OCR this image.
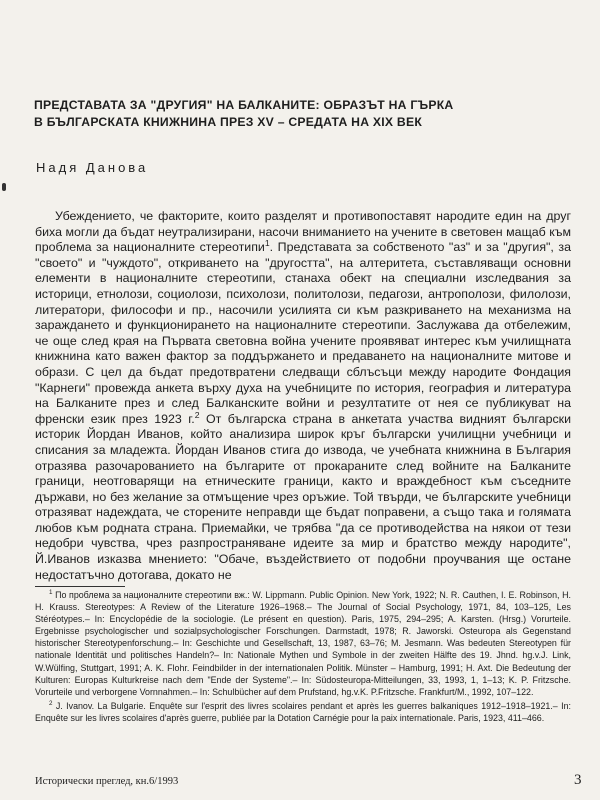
ПРЕДСТАВАТА ЗА "ДРУГИЯ" НА БАЛКАНИТЕ: ОБРАЗЪТ НА ГЪРКА
В БЪЛГАРСКАТА КНИЖНИНА ПРЕЗ XV – СРЕДАТА НА XIX ВЕК
Надя Данова

Убеждението, че факторите, които разделят и противопоставят народите един на друг биха могли да бъдат неутрализирани, насочи вниманието на учените в световен мащаб към проблема за националните стереотипи$^1$. Представата за собственото "аз" и за "другия", за "своето" и "чуждото", откриването на "другостта", на алтеритета, съставляващи основни елементи в националните стереотипи, станаха обект на специални изследвания за историци, етнолози, социолози, психолози, политолози, педагози, антрополози, филолози, литератори, философи и пр., насочили усилията си към разкриването на механизма на зараждането и функционирането на националните стереотипи. Заслужава да отбележим, че още след края на Първата световна война учените проявяват интерес към училищната книжнина като важен фактор за поддържането и предаването на националните митове и образи. С цел да бъдат предотвратени следващи сблъсъци между народите Фондация "Карнеги" провежда анкета върху духа на учебниците по история, география и литература на Балканите през и след Балканските войни и резултатите от нея се публикуват на френски език през 1923 г.$^2$ От българска страна в анкетата участва видният български историк Йордан Иванов, който анализира широк кръг български училищни учебници и списания за младежта. Йордан Иванов стига до извода, че учебната книжнина в България отразява разочарованието на българите от прокараните след войните на Балканите граници, неотговарящи на етническите граници, както и враждебност към съседните държави, но без желание за отмъщение чрез оръжие. Той твърди, че българските учебници отразяват надеждата, че сторените неправди ще бъдат поправени, а също така и голямата любов към родната страна. Приемайки, че трябва "да се противодействa на някои от тези недобри чувства, чрез разпространяване идеите за мир и братство между народите", Й.Иванов изказва мнението: "Обаче, въздействието от подобни проучвания ще остане недостатъчно дотогава, докато не

$^1$ По проблема за националните стереотипи вж.: W. Lippmann. Public Opinion. New York, 1922; N. R. Cauthen, I. E. Robinson, H. H. Krauss. Stereotypes: A Review of the Literature 1926–1968.– The Journal of Social Psychology, 1971, 84, 103–125, Les Stéréotypes.– In: Encyclopédie de la sociologie. (Le présent en question). Paris, 1975, 294–295; A. Karsten. (Hrsg.) Vorurteile. Ergebnisse psychologischer und sozialpsychologischer Forschungen. Darmstadt, 1978; R. Jaworski. Osteuropa als Gegenstand historischer Stereotypenforschung.– In: Geschichte und Gesellschaft, 13, 1987, 63–76; M. Jesmann. Was bedeuten Stereotypen für nationale Identität und politisches Handeln?– In: Nationale Mythen und Symbole in der zweiten Hälfte des 19. Jhnd. hg.v.J. Link, W.Wülfing, Stuttgart, 1991; A. K. Flohr. Feindbilder in der internationalen Politik. Münster – Hamburg, 1991; H. Axt. Die Bedeutung der Kulturen: Europas Kulturkreise nach dem "Ende der Systeme".– In: Südosteuropa-Mitteilungen, 33, 1993, 1, 1–13; K. P. Fritzsche. Vorurteile und verborgene Vornnahmen.– In: Schulbücher auf dem Prufstand, hg.v.K. P.Fritzsche. Frankfurt/M., 1992, 107–122.

$^2$ J. Ivanov. La Bulgarie. Enquête sur l'esprit des livres scolaires pendant et après les guerres balkaniques 1912–1918–1921.– In: Enquête sur les livres scolaires d'après guerre, publiée par la Dotation Carnégie pour la paix internationale. Paris, 1923, 411–466.

Исторически преглед, кн.6/1993	3
